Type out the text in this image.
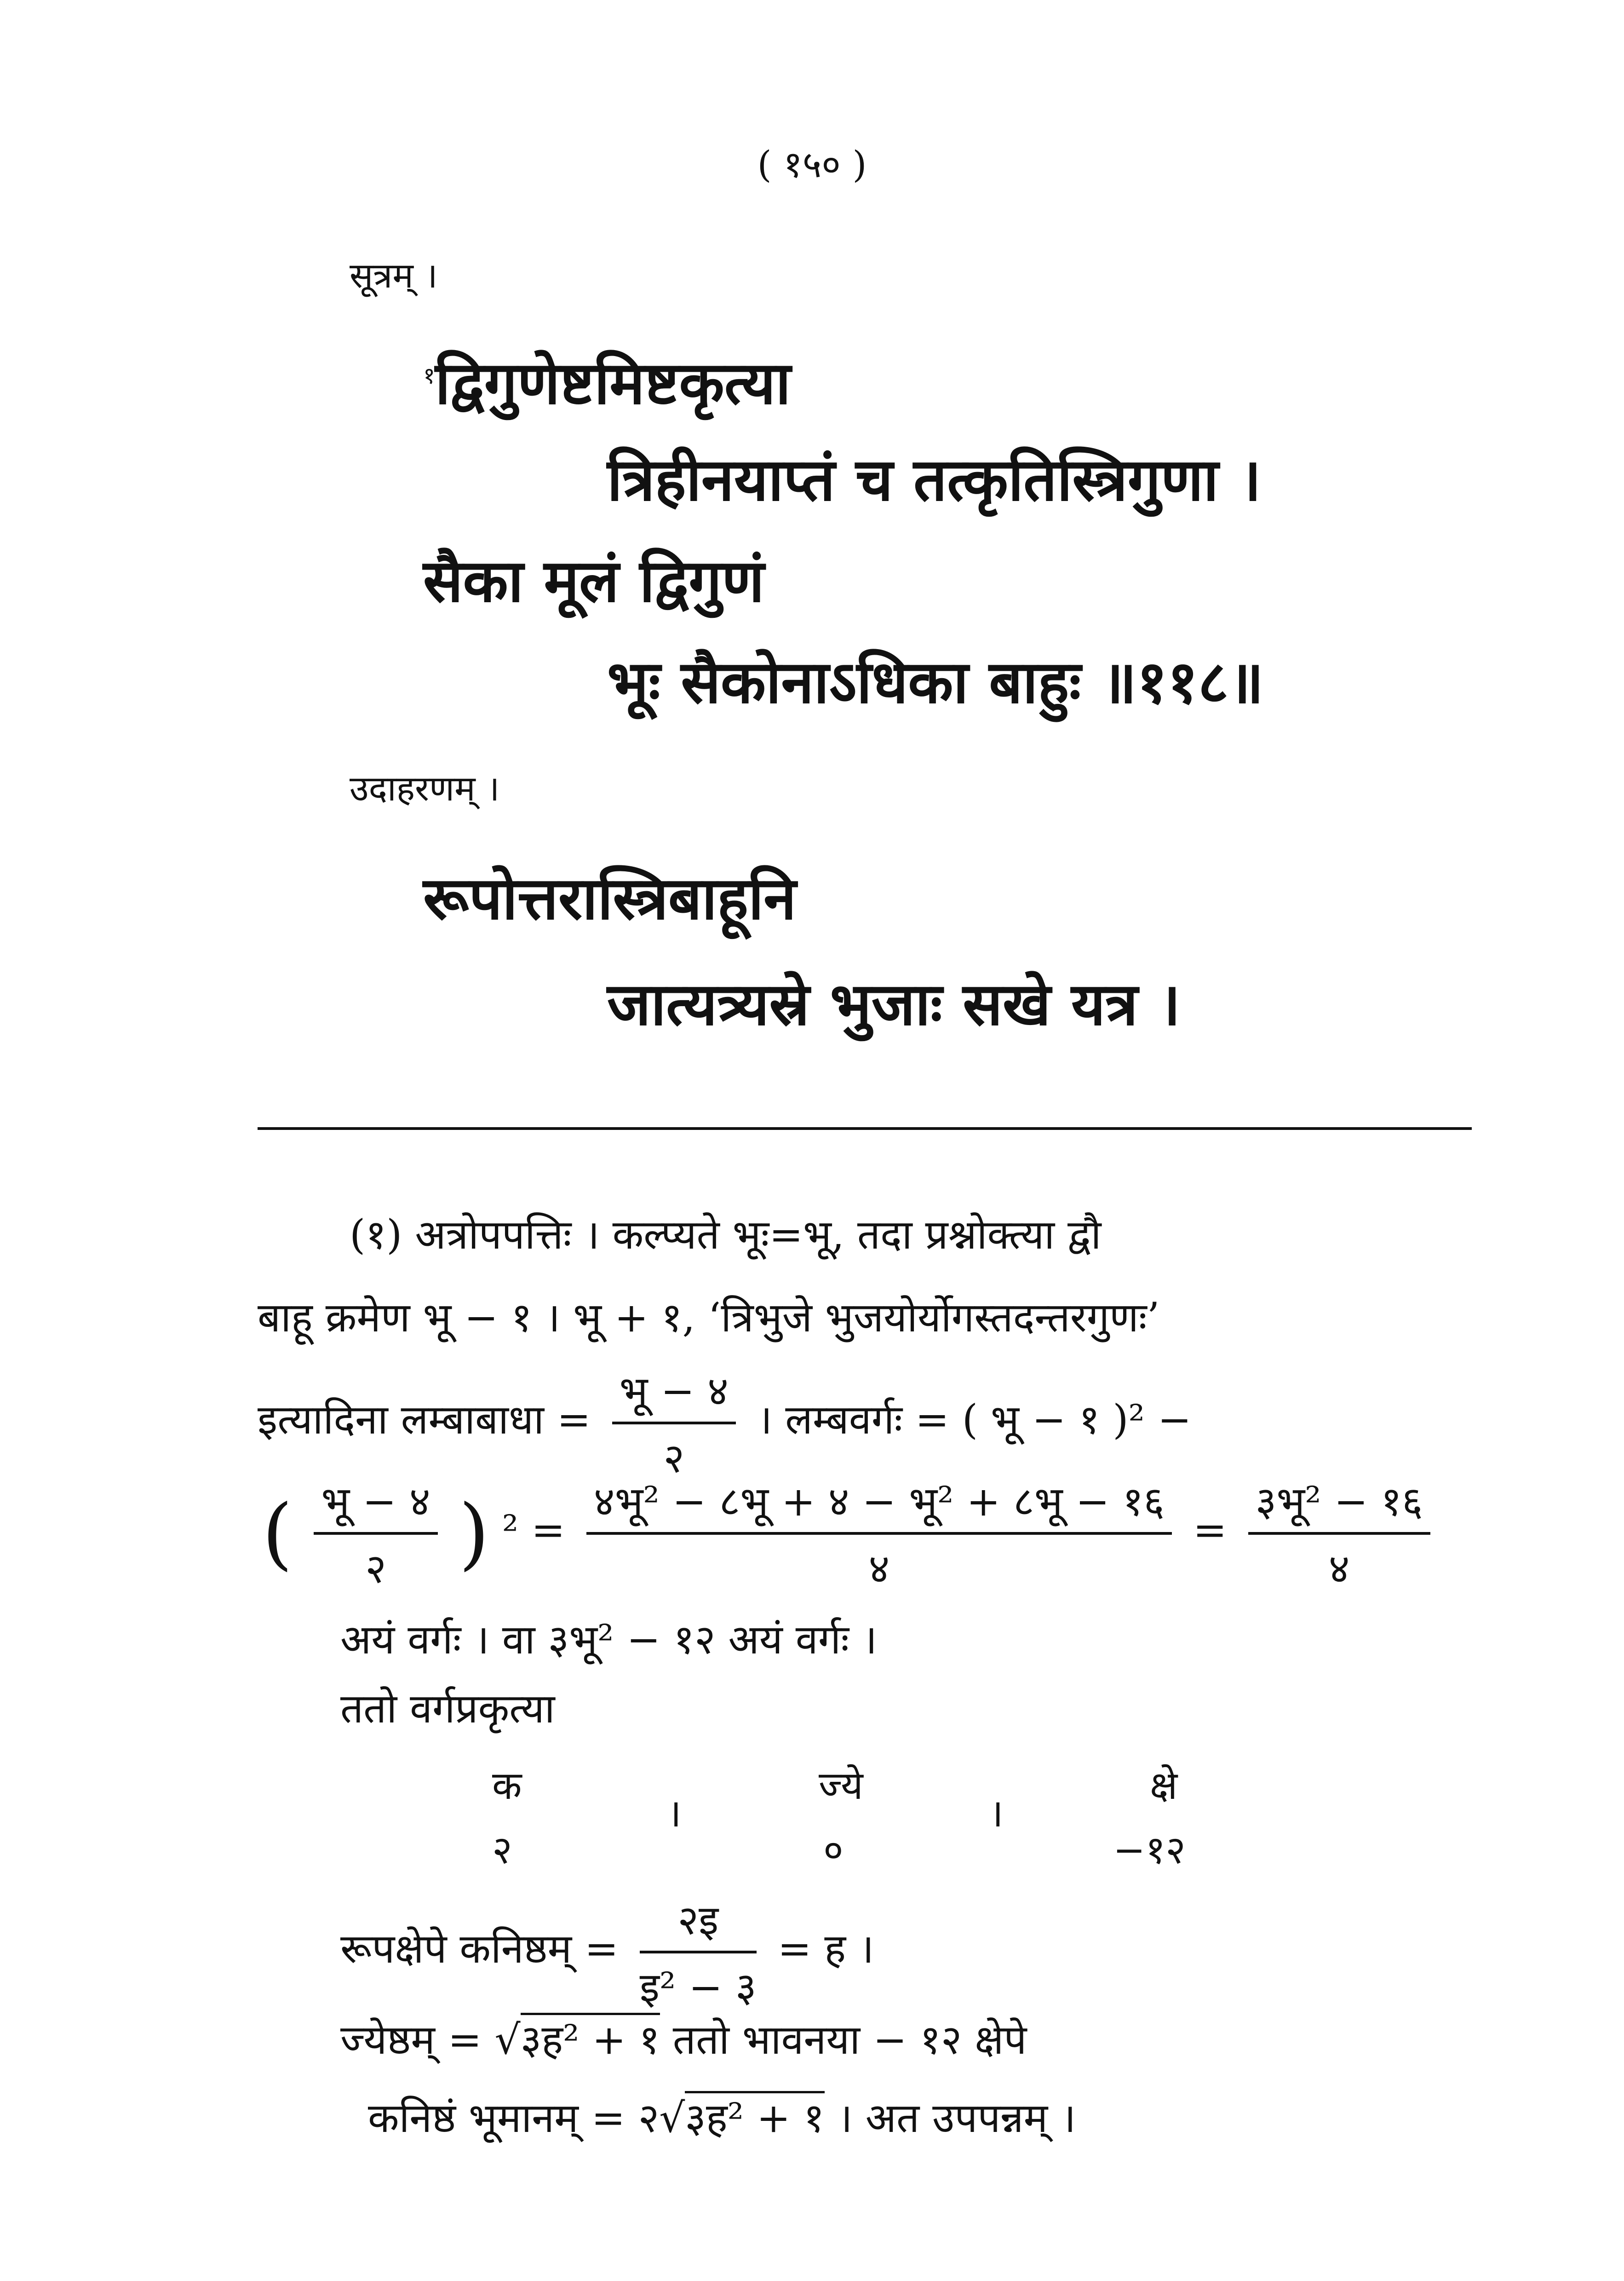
( १५० )
सूत्रम् ।
$^१$द्विगुणेष्टमिष्टकृत्या
त्रिहीनयाप्तं च तत्कृतिस्त्रिगुणा ।
सैका मूलं द्विगुणं
भूः सैकोनाऽधिका बाहुः ॥११८॥
उदाहरणम् ।
रूपोत्तरास्त्रिबाहूनि
जात्यत्र्यस्रे भुजाः सखे यत्र ।
(१) अत्रोपपत्तिः । कल्प्यते भूः=भू, तदा प्रश्नोक्त्या द्वौ
बाहू क्रमेण भू − १ । भू + १, ‘त्रिभुजे भुजयोर्योगस्तदन्तरगुणः’
इत्यादिना लम्बाबाधा = $\frac{\text{भू − ४}}{२}$ । लम्बवर्गः = ( भू − १ )² −
( $\frac{\text{भू − ४}}{२}$ ) $^2 = \frac{\text{४भू² − ८भू + ४ − भू² + ८भू − १६}}{४} = \frac{\text{३भू² − १६}}{४}$
अयं वर्गः । वा ३भू² − १२ अयं वर्गः ।
ततो वर्गप्रकृत्या
क	ज्ये	क्षे
।	।
२	०	−१२
रूपक्षेपे कनिष्ठम् = $\frac{\text{२इ}}{\text{इ² − ३}}$ = ह ।
ज्येष्ठम् = √३ह² + १ ततो भावनया − १२ क्षेपे
कनिष्ठं भूमानम् = २√३ह² + १ । अत उपपन्नम् ।
